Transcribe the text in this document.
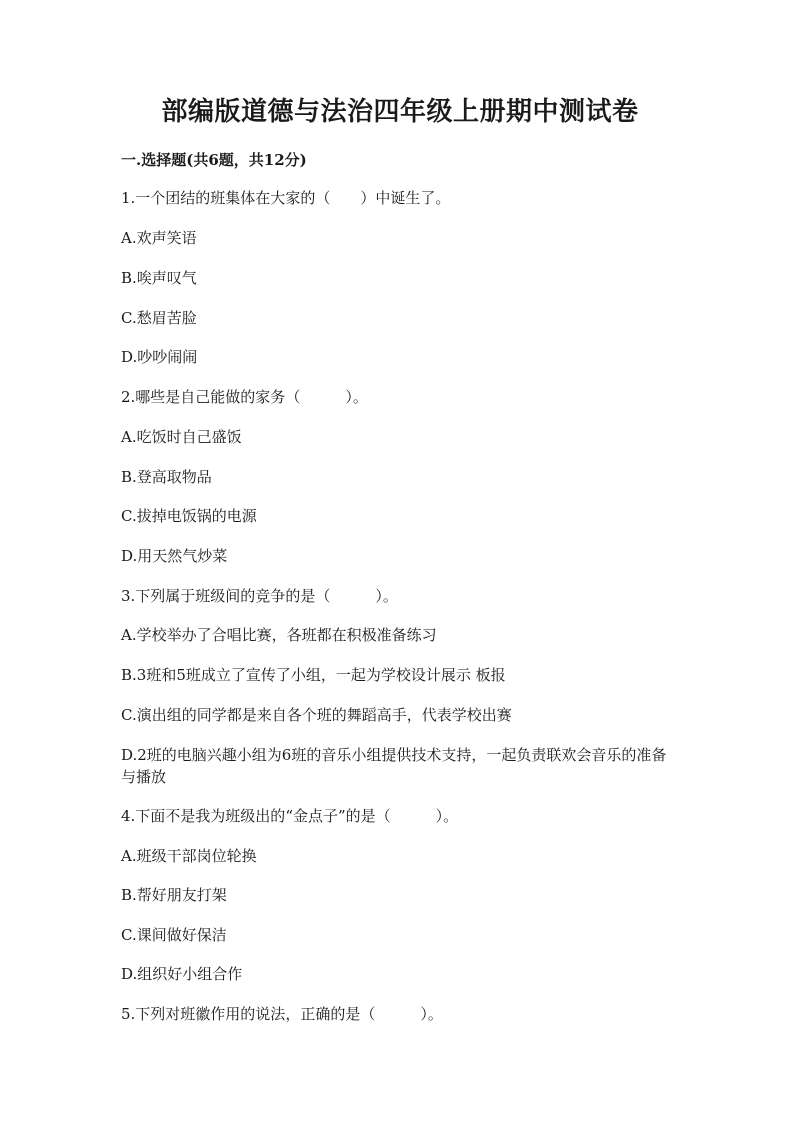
部编版道德与法治四年级上册期中测试卷
一.选择题(共6题，共12分)
1.一个团结的班集体在大家的（　　）中诞生了。
A.欢声笑语
B.唉声叹气
C.愁眉苦脸
D.吵吵闹闹
2.哪些是自己能做的家务（　　　）。
A.吃饭时自己盛饭
B.登高取物品
C.拔掉电饭锅的电源
D.用天然气炒菜
3.下列属于班级间的竞争的是（　　　）。
A.学校举办了合唱比赛，各班都在积极准备练习
B.3班和5班成立了宣传了小组，一起为学校设计展示 板报
C.演出组的同学都是来自各个班的舞蹈高手，代表学校出赛
D.2班的电脑兴趣小组为6班的音乐小组提供技术支持，一起负责联欢会音乐的准备与播放
4.下面不是我为班级出的“金点子”的是（　　　）。
A.班级干部岗位轮换
B.帮好朋友打架
C.课间做好保洁
D.组织好小组合作
5.下列对班徽作用的说法，正确的是（　　　）。
